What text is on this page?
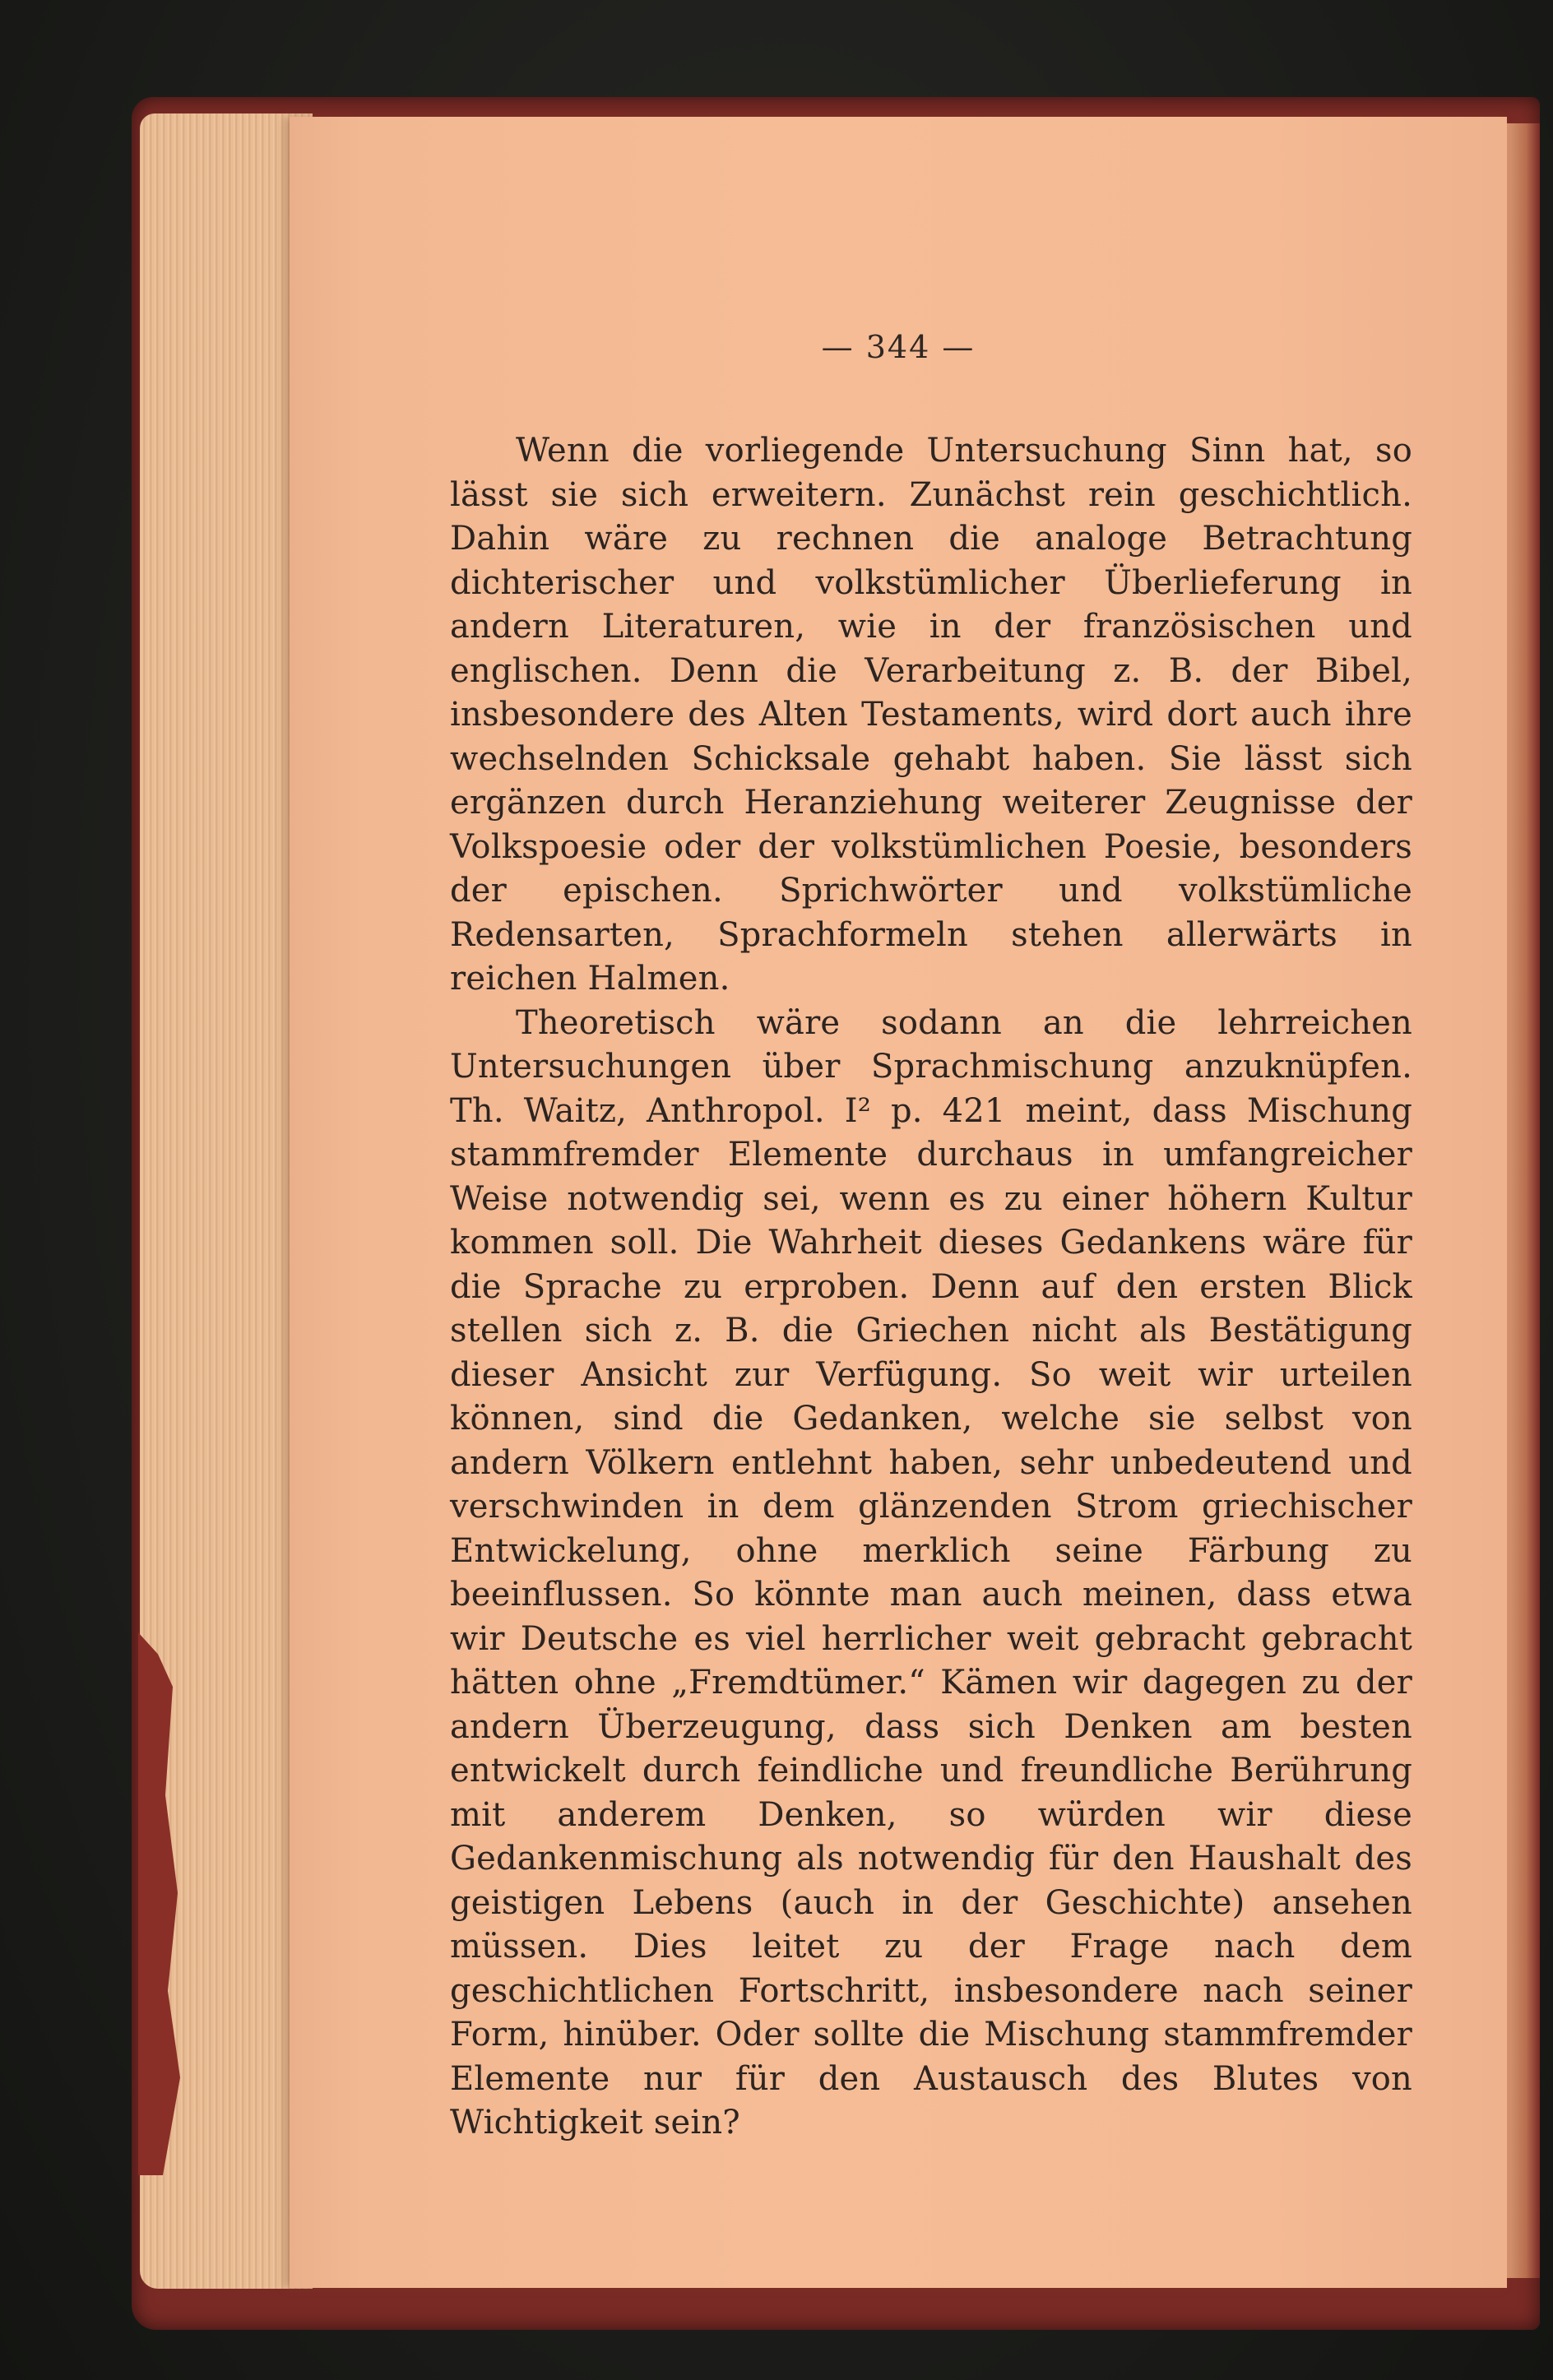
— 344 —

Wenn die vorliegende Untersuchung Sinn hat, so lässt sie sich erweitern. Zunächst rein geschichtlich. Dahin wäre zu rechnen die analoge Betrachtung dichterischer und volkstümlicher Überlieferung in andern Literaturen, wie in der französischen und englischen. Denn die Verarbeitung z. B. der Bibel, insbesondere des Alten Testaments, wird dort auch ihre wechselnden Schicksale gehabt haben. Sie lässt sich ergänzen durch Heranziehung weiterer Zeugnisse der Volkspoesie oder der volkstümlichen Poesie, besonders der epischen. Sprichwörter und volkstümliche Redensarten, Sprachformeln stehen allerwärts in reichen Halmen.

Theoretisch wäre sodann an die lehrreichen Untersuchungen über Sprachmischung anzuknüpfen. Th. Waitz, Anthropol. I² p. 421 meint, dass Mischung stammfremder Elemente durchaus in umfangreicher Weise notwendig sei, wenn es zu einer höhern Kultur kommen soll. Die Wahrheit dieses Gedankens wäre für die Sprache zu erproben. Denn auf den ersten Blick stellen sich z. B. die Griechen nicht als Bestätigung dieser Ansicht zur Verfügung. So weit wir urteilen können, sind die Gedanken, welche sie selbst von andern Völkern entlehnt haben, sehr unbedeutend und verschwinden in dem glänzenden Strom griechischer Entwickelung, ohne merklich seine Färbung zu beeinflussen. So könnte man auch meinen, dass etwa wir Deutsche es viel herrlicher weit gebracht gebracht hätten ohne „Fremdtümer.“ Kämen wir dagegen zu der andern Überzeugung, dass sich Denken am besten entwickelt durch feindliche und freundliche Berührung mit anderem Denken, so würden wir diese Gedankenmischung als notwendig für den Haushalt des geistigen Lebens (auch in der Geschichte) ansehen müssen. Dies leitet zu der Frage nach dem geschichtlichen Fortschritt, insbesondere nach seiner Form, hinüber. Oder sollte die Mischung stammfremder Elemente nur für den Austausch des Blutes von Wichtigkeit sein?
